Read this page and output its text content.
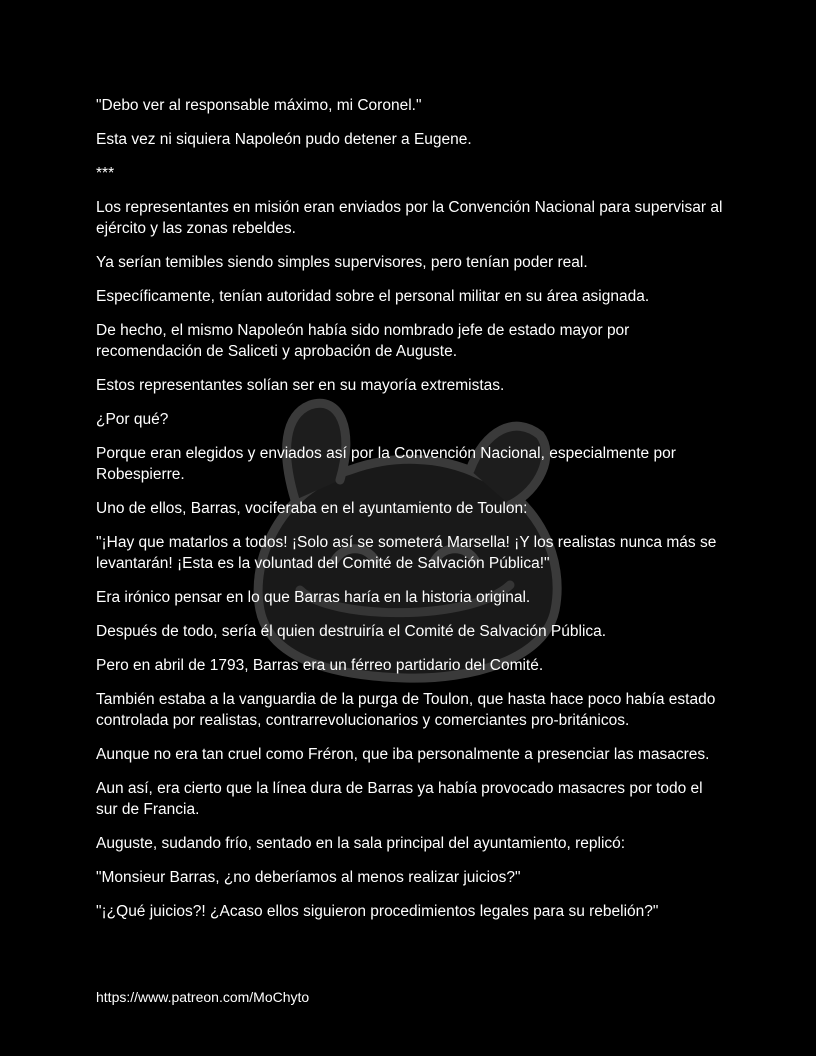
"Debo ver al responsable máximo, mi Coronel."

Esta vez ni siquiera Napoleón pudo detener a Eugene.

***

Los representantes en misión eran enviados por la Convención Nacional para supervisar al ejército y las zonas rebeldes.

Ya serían temibles siendo simples supervisores, pero tenían poder real.

Específicamente, tenían autoridad sobre el personal militar en su área asignada.

De hecho, el mismo Napoleón había sido nombrado jefe de estado mayor por recomendación de Saliceti y aprobación de Auguste.

Estos representantes solían ser en su mayoría extremistas.

¿Por qué?

Porque eran elegidos y enviados así por la Convención Nacional, especialmente por Robespierre.

Uno de ellos, Barras, vociferaba en el ayuntamiento de Toulon:

"¡Hay que matarlos a todos! ¡Solo así se someterá Marsella! ¡Y los realistas nunca más se levantarán! ¡Esta es la voluntad del Comité de Salvación Pública!"

Era irónico pensar en lo que Barras haría en la historia original.

Después de todo, sería él quien destruiría el Comité de Salvación Pública.

Pero en abril de 1793, Barras era un férreo partidario del Comité.

También estaba a la vanguardia de la purga de Toulon, que hasta hace poco había estado controlada por realistas, contrarrevolucionarios y comerciantes pro-británicos.

Aunque no era tan cruel como Fréron, que iba personalmente a presenciar las masacres.

Aun así, era cierto que la línea dura de Barras ya había provocado masacres por todo el sur de Francia.

Auguste, sudando frío, sentado en la sala principal del ayuntamiento, replicó:

"Monsieur Barras, ¿no deberíamos al menos realizar juicios?"

"¡¿Qué juicios?! ¿Acaso ellos siguieron procedimientos legales para su rebelión?"

https://www.patreon.com/MoChyto
